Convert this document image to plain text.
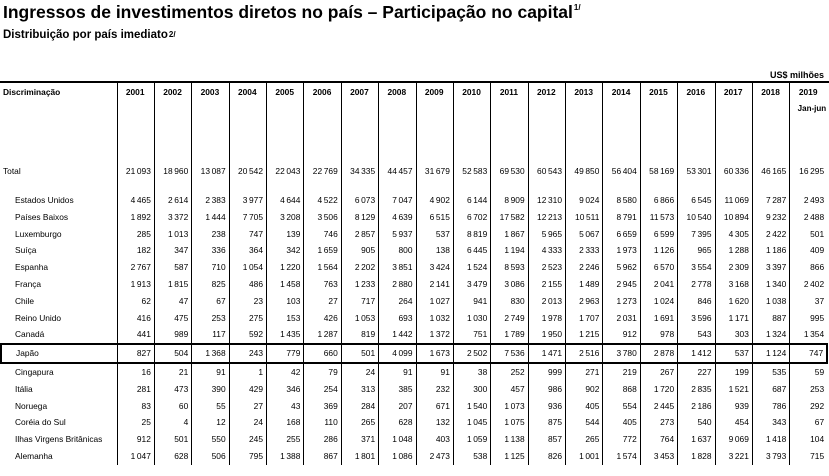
Ingressos de investimentos diretos no país – Participação no capital$^{1/}$
Distribuição por país imediato$^{2/}$
US$ milhões
Discriminação	2001	2002	2003	2004	2005	2006	2007	2008	2009	2010	2011	2012	2013	2014	2015	2016	2017	2018	2019
Jan-jun

Total	21 093	18 960	13 087	20 542	22 043	22 769	34 335	44 457	31 679	52 583	69 530	60 543	49 850	56 404	58 169	53 301	60 336	46 165	16 295

Estados Unidos	4 465	2 614	2 383	3 977	4 644	4 522	6 073	7 047	4 902	6 144	8 909	12 310	9 024	8 580	6 866	6 545	11 069	7 287	2 493
Países Baixos	1 892	3 372	1 444	7 705	3 208	3 506	8 129	4 639	6 515	6 702	17 582	12 213	10 511	8 791	11 573	10 540	10 894	9 232	2 488
Luxemburgo	285	1 013	238	747	139	746	2 857	5 937	537	8 819	1 867	5 965	5 067	6 659	6 599	7 395	4 305	2 422	501
Suíça	182	347	336	364	342	1 659	905	800	138	6 445	1 194	4 333	2 333	1 973	1 126	965	1 288	1 186	409
Espanha	2 767	587	710	1 054	1 220	1 564	2 202	3 851	3 424	1 524	8 593	2 523	2 246	5 962	6 570	3 554	2 309	3 397	866
França	1 913	1 815	825	486	1 458	763	1 233	2 880	2 141	3 479	3 086	2 155	1 489	2 945	2 041	2 778	3 168	1 340	2 402
Chile	62	47	67	23	103	27	717	264	1 027	941	830	2 013	2 963	1 273	1 024	846	1 620	1 038	37
Reino Unido	416	475	253	275	153	426	1 053	693	1 032	1 030	2 749	1 978	1 707	2 031	1 691	3 596	1 171	887	995
Canadá	441	989	117	592	1 435	1 287	819	1 442	1 372	751	1 789	1 950	1 215	912	978	543	303	1 324	1 354
Japão	827	504	1 368	243	779	660	501	4 099	1 673	2 502	7 536	1 471	2 516	3 780	2 878	1 412	537	1 124	747
Cingapura	16	21	91	1	42	79	24	91	91	38	252	999	271	219	267	227	199	535	59
Itália	281	473	390	429	346	254	313	385	232	300	457	986	902	868	1 720	2 835	1 521	687	253
Noruega	83	60	55	27	43	369	284	207	671	1 540	1 073	936	405	554	2 445	2 186	939	786	292
Coréia do Sul	25	4	12	24	168	110	265	628	132	1 045	1 075	875	544	405	273	540	454	343	67
Ilhas Virgens Britânicas	912	501	550	245	255	286	371	1 048	403	1 059	1 138	857	265	772	764	1 637	9 069	1 418	104
Alemanha	1 047	628	506	795	1 388	867	1 801	1 086	2 473	538	1 125	826	1 001	1 574	3 453	1 828	3 221	3 793	715
